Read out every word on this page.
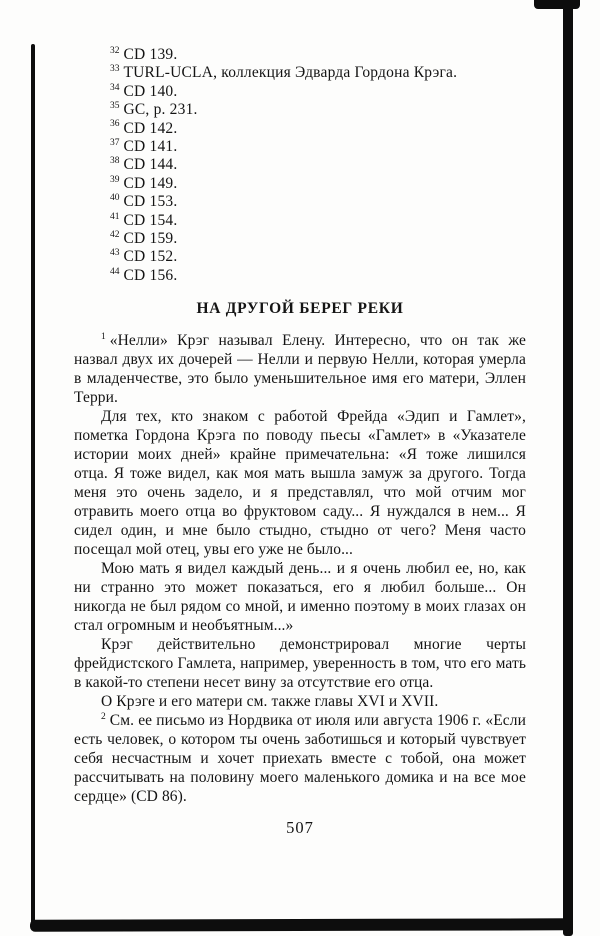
$^{32}$ CD 139.
$^{33}$ TURL-UCLA, коллекция Эдварда Гордона Крэга.
$^{34}$ CD 140.
$^{35}$ GC, p. 231.
$^{36}$ CD 142.
$^{37}$ CD 141.
$^{38}$ CD 144.
$^{39}$ CD 149.
$^{40}$ CD 153.
$^{41}$ CD 154.
$^{42}$ CD 159.
$^{43}$ CD 152.
$^{44}$ CD 156.
НА ДРУГОЙ БЕРЕГ РЕКИ

$^1$ «Нелли» Крэг называл Елену. Интересно, что он так же назвал двух их дочерей — Нелли и первую Нелли, которая умерла в младенчестве, это было уменьшительное имя его матери, Эллен Терри.

Для тех, кто знаком с работой Фрейда «Эдип и Гамлет», пометка Гордона Крэга по поводу пьесы «Гамлет» в «Указателе истории моих дней» крайне примечательна: «Я тоже лишился отца. Я тоже видел, как моя мать вышла замуж за другого. Тогда меня это очень задело, и я представлял, что мой отчим мог отравить моего отца во фруктовом саду... Я нуждался в нем... Я сидел один, и мне было стыдно, стыдно от чего? Меня часто посещал мой отец, увы его уже не было...

Мою мать я видел каждый день... и я очень любил ее, но, как ни странно это может показаться, его я любил больше... Он никогда не был рядом со мной, и именно поэтому в моих глазах он стал огромным и необъятным...»

Крэг действительно демонстрировал многие черты фрейдистского Гамлета, например, уверенность в том, что его мать в какой-то степени несет вину за отсутствие его отца.

О Крэге и его матери см. также главы XVI и XVII.

$^2$ См. ее письмо из Нордвика от июля или августа 1906 г. «Если есть человек, о котором ты очень заботишься и который чувствует себя несчастным и хочет приехать вместе с тобой, она может рассчитывать на половину моего маленького домика и на все мое сердце» (CD 86).

507
